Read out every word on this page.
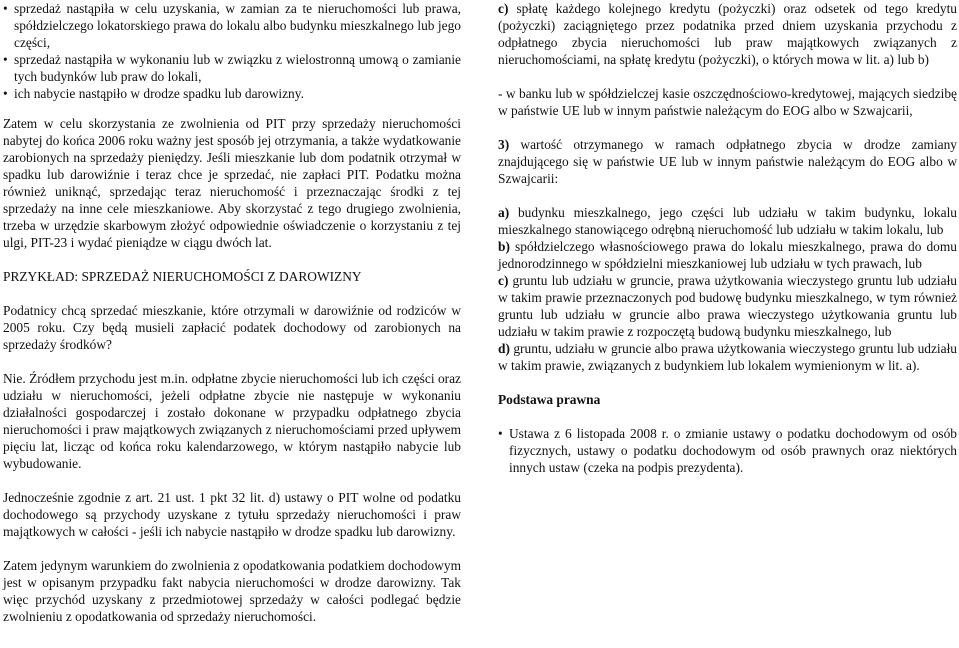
• sprzedaż nastąpiła w celu uzyskania, w zamian za te nieruchomości lub prawa, spółdzielczego lokatorskiego prawa do lokalu albo budynku mieszkalnego lub jego części,
• sprzedaż nastąpiła w wykonaniu lub w związku z wielostronną umową o zamianie tych budynków lub praw do lokali,
• ich nabycie nastąpiło w drodze spadku lub darowizny.

Zatem w celu skorzystania ze zwolnienia od PIT przy sprzedaży nieruchomości nabytej do końca 2006 roku ważny jest sposób jej otrzymania, a także wydatkowanie zarobionych na sprzedaży pieniędzy. Jeśli mieszkanie lub dom podatnik otrzymał w spadku lub darowiźnie i teraz chce je sprzedać, nie zapłaci PIT. Podatku można również uniknąć, sprzedając teraz nieruchomość i przeznaczając środki z tej sprzedaży na inne cele mieszkaniowe. Aby skorzystać z tego drugiego zwolnienia, trzeba w urzędzie skarbowym złożyć odpowiednie oświadczenie o korzystaniu z tej ulgi, PIT-23 i wydać pieniądze w ciągu dwóch lat.

PRZYKŁAD: SPRZEDAŻ NIERUCHOMOŚCI Z DAROWIZNY

Podatnicy chcą sprzedać mieszkanie, które otrzymali w darowiźnie od rodziców w 2005 roku. Czy będą musieli zapłacić podatek dochodowy od zarobionych na sprzedaży środków?

Nie. Źródłem przychodu jest m.in. odpłatne zbycie nieruchomości lub ich części oraz udziału w nieruchomości, jeżeli odpłatne zbycie nie następuje w wykonaniu działalności gospodarczej i zostało dokonane w przypadku odpłatnego zbycia nieruchomości i praw majątkowych związanych z nieruchomościami przed upływem pięciu lat, licząc od końca roku kalendarzowego, w którym nastąpiło nabycie lub wybudowanie.

Jednocześnie zgodnie z art. 21 ust. 1 pkt 32 lit. d) ustawy o PIT wolne od podatku dochodowego są przychody uzyskane z tytułu sprzedaży nieruchomości i praw majątkowych w całości - jeśli ich nabycie nastąpiło w drodze spadku lub darowizny.

Zatem jedynym warunkiem do zwolnienia z opodatkowania podatkiem dochodowym jest w opisanym przypadku fakt nabycia nieruchomości w drodze darowizny. Tak więc przychód uzyskany z przedmiotowej sprzedaży w całości podlegać będzie zwolnieniu z opodatkowania od sprzedaży nieruchomości.

c) spłatę każdego kolejnego kredytu (pożyczki) oraz odsetek od tego kredytu (pożyczki) zaciągniętego przez podatnika przed dniem uzyskania przychodu z odpłatnego zbycia nieruchomości lub praw majątkowych związanych z nieruchomościami, na spłatę kredytu (pożyczki), o których mowa w lit. a) lub b)

- w banku lub w spółdzielczej kasie oszczędnościowo-kredytowej, mających siedzibę w państwie UE lub w innym państwie należącym do EOG albo w Szwajcarii,

3) wartość otrzymanego w ramach odpłatnego zbycia w drodze zamiany znajdującego się w państwie UE lub w innym państwie należącym do EOG albo w Szwajcarii:

a) budynku mieszkalnego, jego części lub udziału w takim budynku, lokalu mieszkalnego stanowiącego odrębną nieruchomość lub udziału w takim lokalu, lub

b) spółdzielczego własnościowego prawa do lokalu mieszkalnego, prawa do domu jednorodzinnego w spółdzielni mieszkaniowej lub udziału w tych prawach, lub

c) gruntu lub udziału w gruncie, prawa użytkowania wieczystego gruntu lub udziału w takim prawie przeznaczonych pod budowę budynku mieszkalnego, w tym również gruntu lub udziału w gruncie albo prawa wieczystego użytkowania gruntu lub udziału w takim prawie z rozpoczętą budową budynku mieszkalnego, lub

d) gruntu, udziału w gruncie albo prawa użytkowania wieczystego gruntu lub udziału w takim prawie, związanych z budynkiem lub lokalem wymienionym w lit. a).

Podstawa prawna

• Ustawa z 6 listopada 2008 r. o zmianie ustawy o podatku dochodowym od osób fizycznych, ustawy o podatku dochodowym od osób prawnych oraz niektórych innych ustaw (czeka na podpis prezydenta).
